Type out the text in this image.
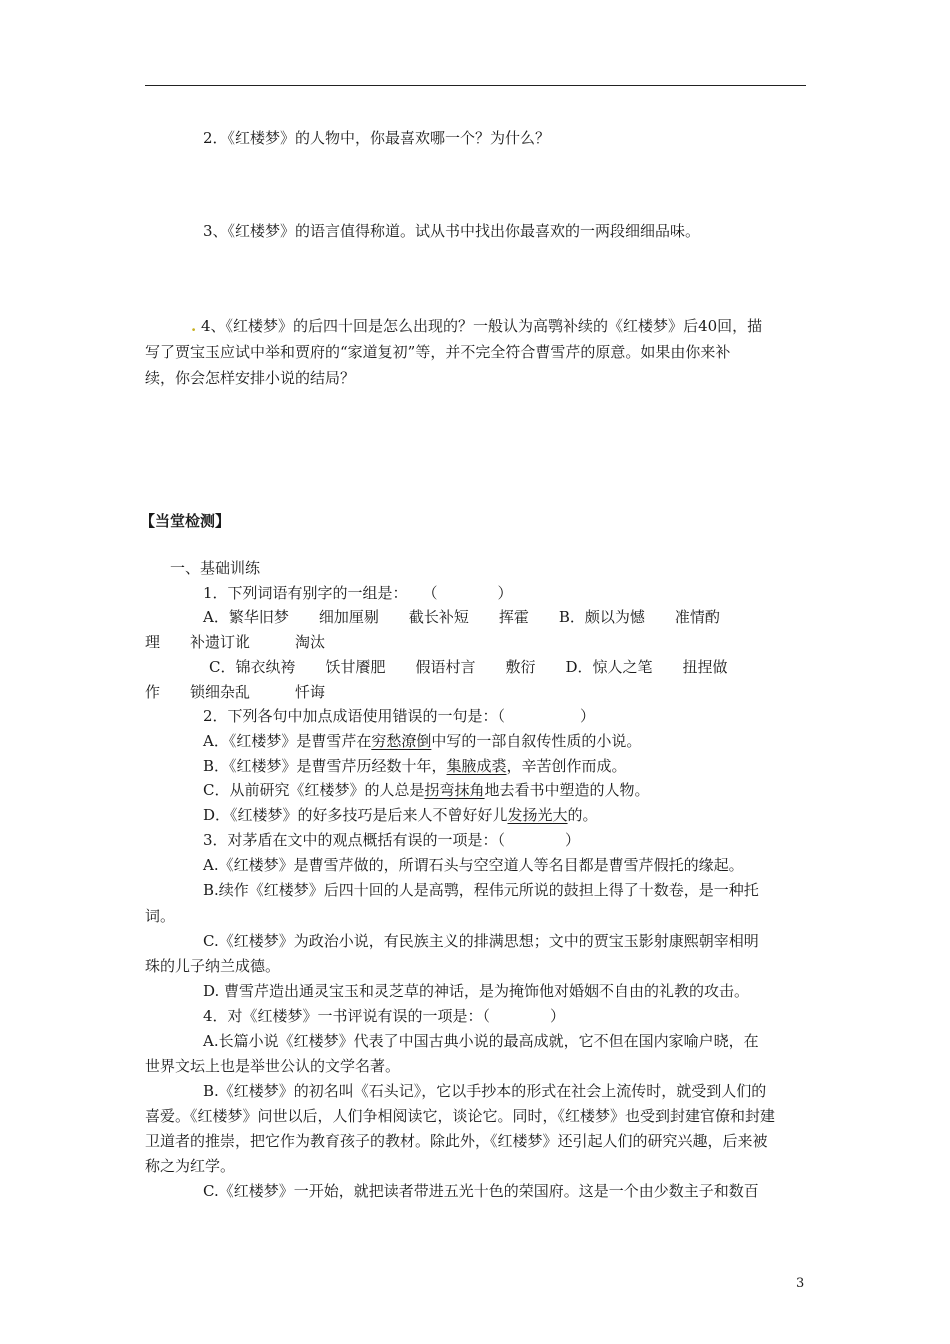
2．《红楼梦》的人物中，你最喜欢哪一个？为什么？
3、《红楼梦》的语言值得称道。试从书中找出你最喜欢的一两段细细品味。
. 4、《红楼梦》的后四十回是怎么出现的？一般认为高鹗补续的《红楼梦》后40回，描
写了贾宝玉应试中举和贾府的“家道复初”等，并不完全符合曹雪芹的原意。如果由你来补
续，你会怎样安排小说的结局？
【当堂检测】
一、基础训练
1．下列词语有别字的一组是：　　（　　　　）
A．繁华旧梦　　细加厘剔　　截长补短　　挥霍　　B．颇以为憾　　准情酌
理　　补遗订讹　　　淘汰
C．锦衣纨袴　　饫甘餍肥　　假语村言　　敷衍　　D．惊人之笔　　扭捏做
作　　锁细杂乱　　　忏诲
2．下列各句中加点成语使用错误的一句是：（　　　　　）
A．《红楼梦》是曹雪芹在穷愁潦倒中写的一部自叙传性质的小说。
B．《红楼梦》是曹雪芹历经数十年，集腋成裘，辛苦创作而成。
C．从前研究《红楼梦》的人总是拐弯抹角地去看书中塑造的人物。
D．《红楼梦》的好多技巧是后来人不曾好好儿发扬光大的。
3．对茅盾在文中的观点概括有误的一项是：（　　　　）
A.《红楼梦》是曹雪芹做的，所谓石头与空空道人等名目都是曹雪芹假托的缘起。
B.续作《红楼梦》后四十回的人是高鹗，程伟元所说的鼓担上得了十数卷，是一种托
词。
C.《红楼梦》为政治小说，有民族主义的排满思想；文中的贾宝玉影射康熙朝宰相明
珠的儿子纳兰成德。
D. 曹雪芹造出通灵宝玉和灵芝草的神话，是为掩饰他对婚姻不自由的礼教的攻击。
4．对《红楼梦》一书评说有误的一项是：（　　　　）
A.长篇小说《红楼梦》代表了中国古典小说的最高成就，它不但在国内家喻户晓，在
世界文坛上也是举世公认的文学名著。
B.《红楼梦》的初名叫《石头记》，它以手抄本的形式在社会上流传时，就受到人们的
喜爱。《红楼梦》问世以后，人们争相阅读它，谈论它。同时，《红楼梦》也受到封建官僚和封建
卫道者的推崇，把它作为教育孩子的教材。除此外，《红楼梦》还引起人们的研究兴趣，后来被
称之为红学。
C.《红楼梦》一开始，就把读者带进五光十色的荣国府。这是一个由少数主子和数百
3
